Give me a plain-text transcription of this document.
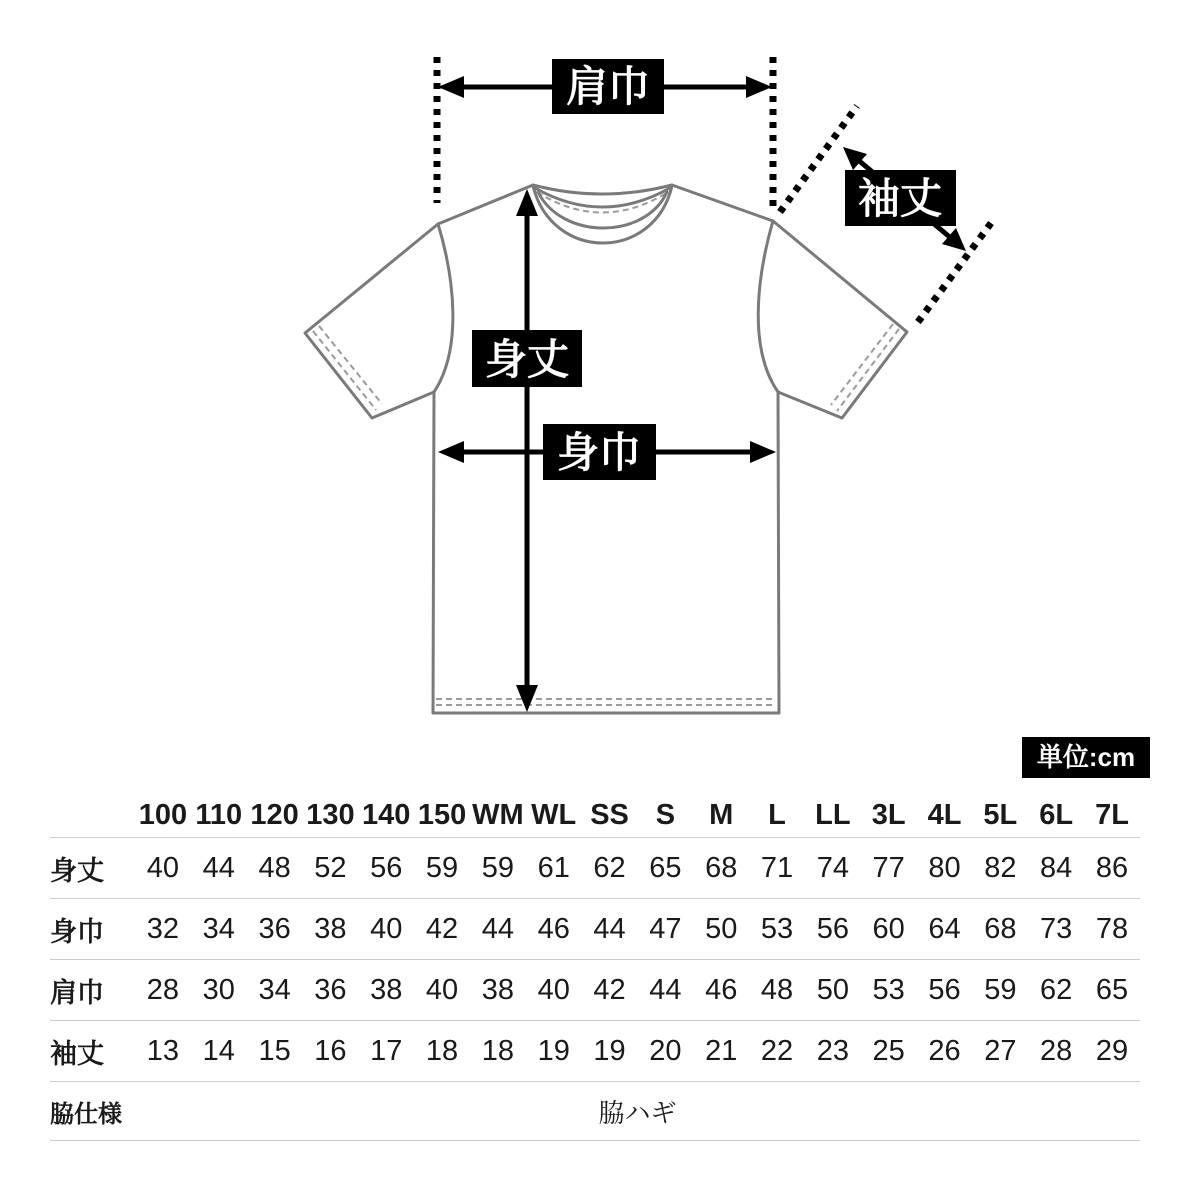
肩巾
袖丈
身丈
身巾
単位:cm
100 110 120 130 140 150 WM WL SS S	M	L	LL 3L 4L 5L 6L 7L
身丈	40 44 48 52 56 59 59 61 62 65 68 71 74 77 80 82 84 86
身巾	32 34 36 38 40 42 44 46 44 47 50 53 56 60 64 68 73 78
肩巾	28 30 34 36 38 40 38 40 42 44 46 48 50 53 56 59 62 65
袖丈	13 14 15 16 17 18 18 19 19 20 21 22 23 25 26 27 28 29
脇仕様	脇ハギ
